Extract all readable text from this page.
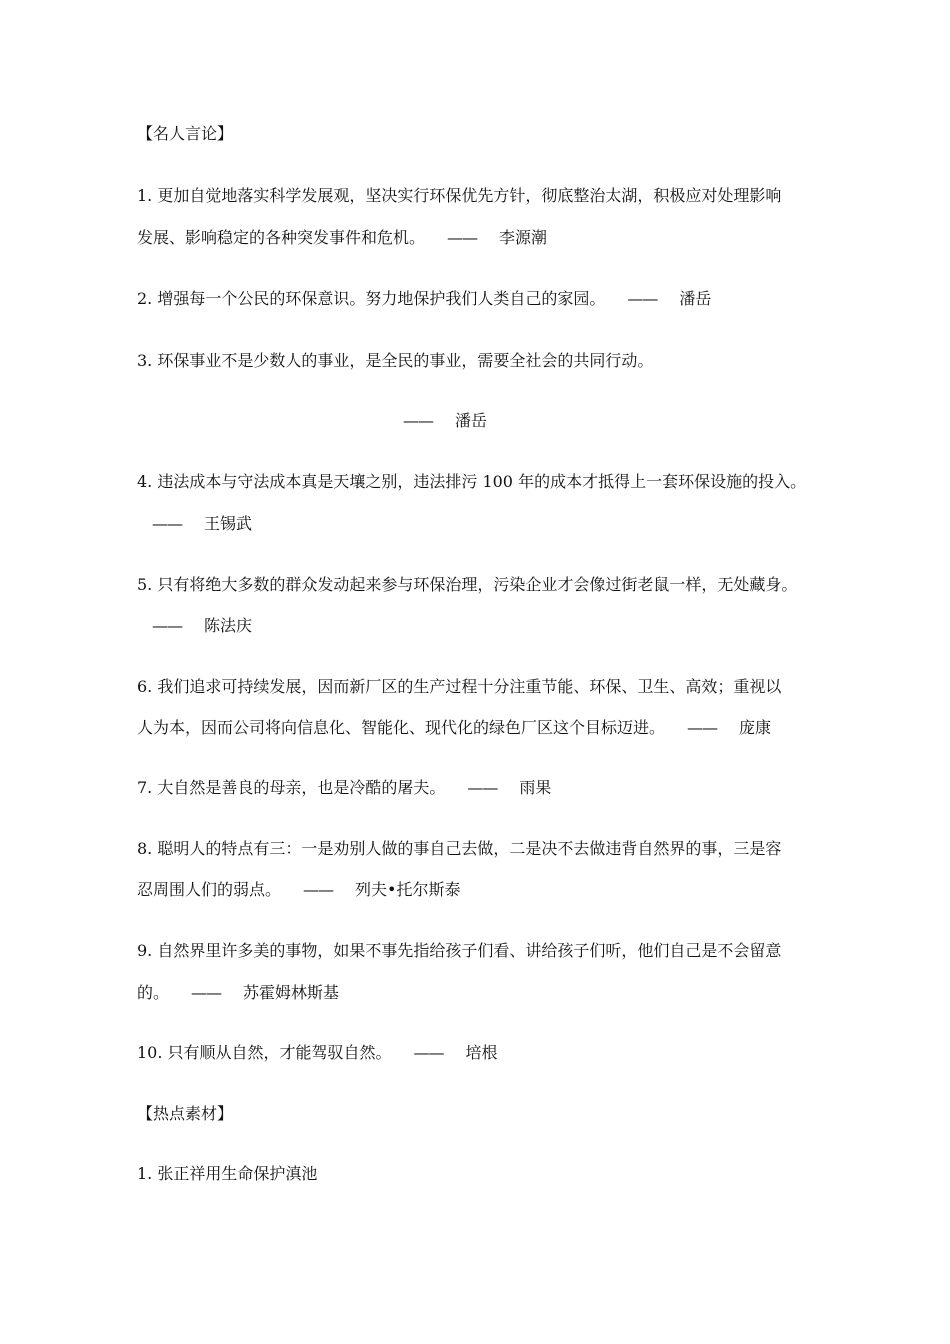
【名人言论】
1. 更加自觉地落实科学发展观，坚决实行环保优先方针，彻底整治太湖，积极应对处理影响
发展、影响稳定的各种突发事件和危机。 —— 李源潮
2. 增强每一个公民的环保意识。努力地保护我们人类自己的家园。 —— 潘岳
3. 环保事业不是少数人的事业，是全民的事业，需要全社会的共同行动。
—— 潘岳
4. 违法成本与守法成本真是天壤之别，违法排污 100 年的成本才抵得上一套环保设施的投入。
—— 王锡武
5. 只有将绝大多数的群众发动起来参与环保治理，污染企业才会像过街老鼠一样，无处藏身。
—— 陈法庆
6. 我们追求可持续发展，因而新厂区的生产过程十分注重节能、环保、卫生、高效；重视以
人为本，因而公司将向信息化、智能化、现代化的绿色厂区这个目标迈进。 —— 庞康
7. 大自然是善良的母亲，也是冷酷的屠夫。 —— 雨果
8. 聪明人的特点有三：一是劝别人做的事自己去做，二是决不去做违背自然界的事，三是容
忍周围人们的弱点。 —— 列夫•托尔斯泰
9. 自然界里许多美的事物，如果不事先指给孩子们看、讲给孩子们听，他们自己是不会留意
的。 —— 苏霍姆林斯基
10. 只有顺从自然，才能驾驭自然。 —— 培根
【热点素材】
1. 张正祥用生命保护滇池
